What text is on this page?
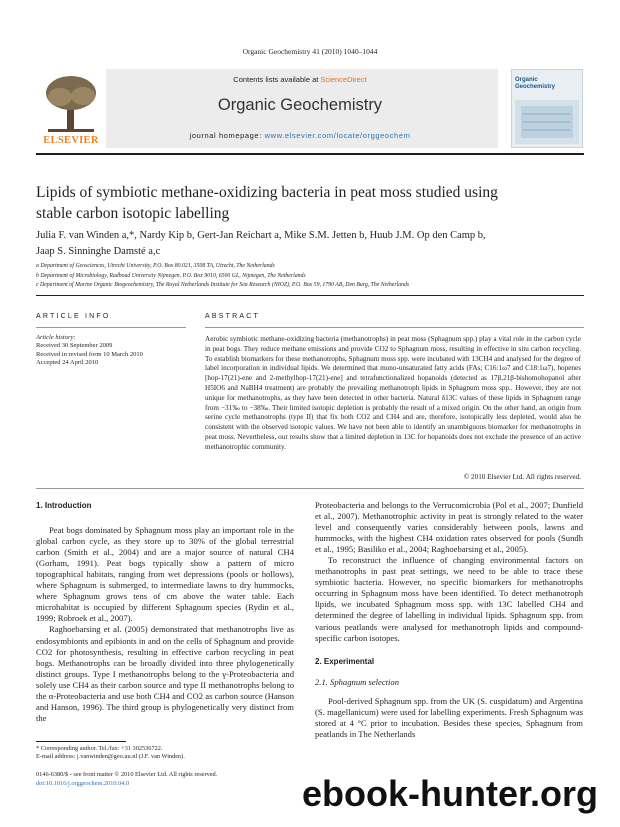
Organic Geochemistry 41 (2010) 1040–1044
ELSEVIER
Contents lists available at ScienceDirect
Organic Geochemistry
journal homepage: www.elsevier.com/locate/orggeochem
Organic Geochemistry
Lipids of symbiotic methane-oxidizing bacteria in peat moss studied using
stable carbon isotopic labelling
Julia F. van Winden a,*, Nardy Kip b, Gert-Jan Reichart a, Mike S.M. Jetten b, Huub J.M. Op den Camp b,
Jaap S. Sinninghe Damsté a,c
a Department of Geosciences, Utrecht University, P.O. Box 80.021, 3508 TA, Utrecht, The Netherlands
b Department of Microbiology, Radboud University Nijmegen, P.O. Box 9010, 6500 GL, Nijmegen, The Netherlands
c Department of Marine Organic Biogeochemistry, The Royal Netherlands Institute for Sea Research (NIOZ), P.O. Box 59, 1790 AB, Den Burg, The Netherlands
ARTICLE INFO	ABSTRACT
Article history:
Received 30 September 2009
Received in revised form 10 March 2010
Accepted 24 April 2010
Aerobic symbiotic methane-oxidizing bacteria (methanotrophs) in peat moss (Sphagnum spp.) play a vital role in the carbon cycle in peat bogs. They reduce methane emissions and provide CO2 to Sphagnum moss, resulting in effective in situ carbon recycling. To establish biomarkers for these methanotrophs, Sphagnum moss spp. were incubated with 13CH4 and analysed for the degree of label incorporation in individual lipids. We determined that mono-unsaturated fatty acids (FAs; C16:1ω7 and C18:1ω7), hopenes [hop-17(21)-ene and 2-methylhop-17(21)-ene] and tetrafunctionalized hopanoids (detected as 17β,21β-bishomohopanol after H5IO6 and NaBH4 treatment) are probably the prevailing methanotroph lipids in Sphagnum moss spp.. However, they are not unique for methanotrophs, as they have been detected in other bacteria. Natural δ13C values of these lipids in Sphagnum range from −31‰ to −38‰. Their limited isotopic depletion is probably the result of a mixed origin. On the other hand, an origin from serine cycle methanotrophs (type II) that fix both CO2 and CH4 and are, therefore, isotopically less depleted, would also be consistent with the observed isotopic values. We have not been able to identify an unambiguous biomarker for methanotrophs in peat moss. Nevertheless, our results show that a limited depletion in 13C for hopanoids does not exclude the presence of an active methanotrophic community.
© 2010 Elsevier Ltd. All rights reserved.
1. Introduction

Peat bogs dominated by Sphagnum moss play an important role in the global carbon cycle, as they store up to 30% of the global terrestrial carbon (Smith et al., 2004) and are a major source of natural CH4 (Gorham, 1991). Peat bogs typically show a pattern of micro topographical habitats, ranging from wet depressions (pools or hollows), where Sphagnum is submerged, to intermediate lawns to dry hummocks, where Sphagnum grows tens of cm above the water table. Each microhabitat is occupied by different Sphagnum species (Rydin et al., 1999; Robroek et al., 2007).

Raghoebarsing et al. (2005) demonstrated that methanotrophs live as endosymbionts and epibionts in and on the cells of Sphagnum and provide CO2 for photosynthesis, resulting in effective carbon recycling in peat bogs. Methanotrophs can be broadly divided into three phylogenetically distinct groups. Type I methanotrophs belong to the γ-Proteobacteria and solely use CH4 as their carbon source and type II methanotrophs belong to the α-Proteobacteria and use both CH4 and CO2 as carbon source (Hanson and Hanson, 1996). The third group is phylogenetically very distinct from the

Proteobacteria and belongs to the Verrucomicrobia (Pol et al., 2007; Dunfield et al., 2007). Methanotrophic activity in peat is strongly related to the water level and consequently varies considerably between pools, lawns and hummocks, with the highest CH4 oxidation rates observed for pools (Sundh et al., 1995; Basiliko et al., 2004; Raghoebarsing et al., 2005).

To reconstruct the influence of changing environmental factors on methanotrophs in past peat settings, we need to be able to trace these symbiotic bacteria. However, no specific biomarkers for methanotrophs occurring in Sphagnum moss have been identified. To detect methanotroph lipids, we incubated Sphagnum moss spp. with 13C labelled CH4 and determined the degree of labelling in individual lipids. Sphagnum spp. from various peatlands were analysed for methanotroph lipids and compound-specific carbon isotopes.

2. Experimental
2.1. Sphagnum selection

Pool-derived Sphagnum spp. from the UK (S. cuspidatum) and Argentina (S. magellanicum) were used for labelling experiments. Fresh Sphagnum was stored at 4 °C prior to incubation. Besides these species, Sphagnum from peatlands in The Netherlands

* Corresponding author. Tel./fax: +31 302536722.
E-mail address: j.vanwinden@geo.uu.nl (J.F. van Winden).
0146-6380/$ - see front matter © 2010 Elsevier Ltd. All rights reserved.
doi:10.1016/j.orggeochem.2010.04.0	ebook-hunter.org
